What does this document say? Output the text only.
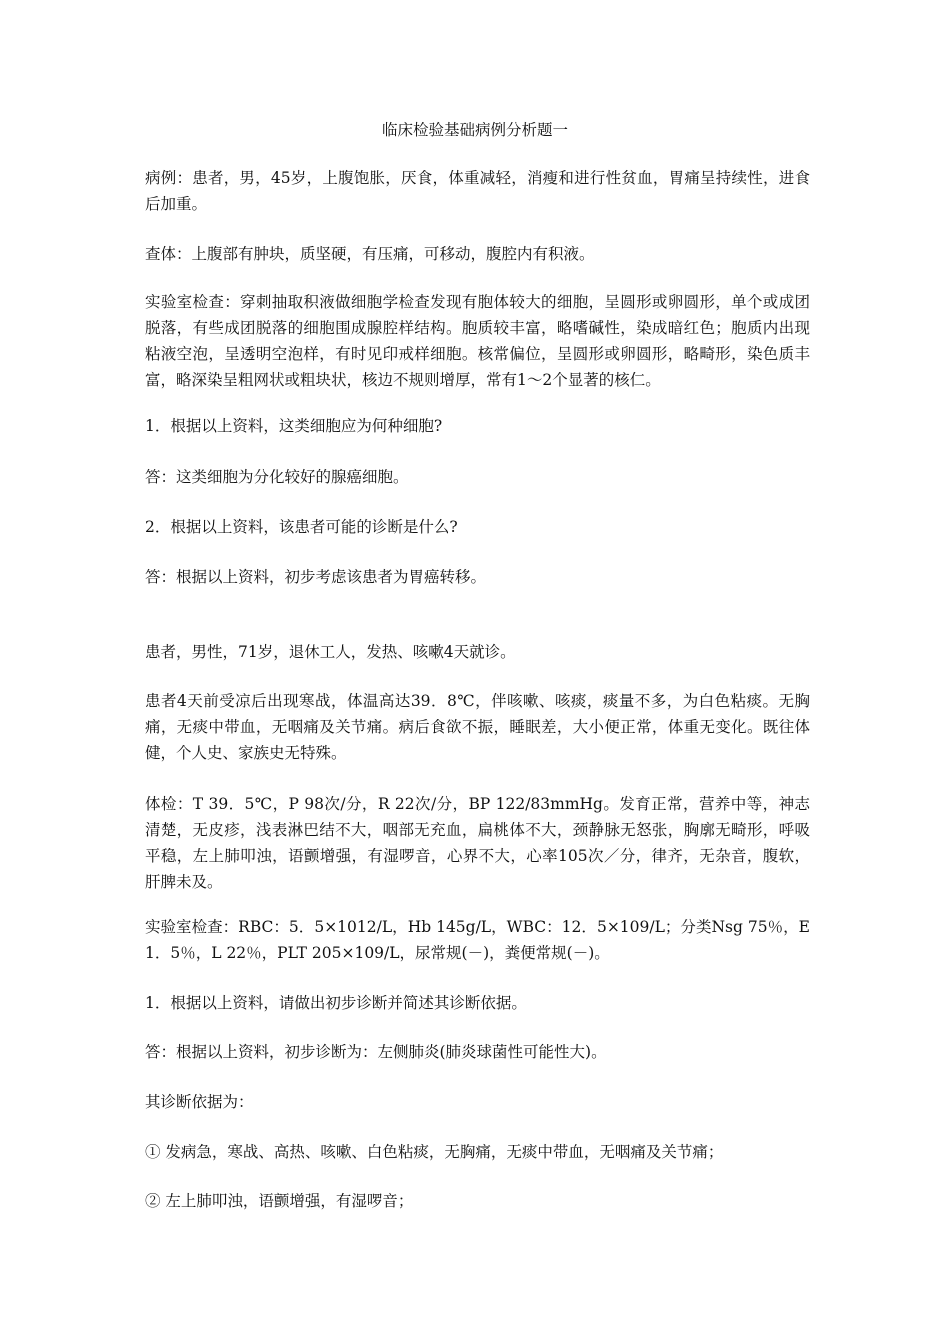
临床检验基础病例分析题一

病例：患者，男，45岁，上腹饱胀，厌食，体重减轻，消瘦和进行性贫血，胃痛呈持续性，进食后加重。

查体：上腹部有肿块，质坚硬，有压痛，可移动，腹腔内有积液。

实验室检查：穿刺抽取积液做细胞学检查发现有胞体较大的细胞，呈圆形或卵圆形，单个或成团脱落，有些成团脱落的细胞围成腺腔样结构。胞质较丰富，略嗜碱性，染成暗红色；胞质内出现粘液空泡，呈透明空泡样，有时见印戒样细胞。核常偏位，呈圆形或卵圆形，略畸形，染色质丰富，略深染呈粗网状或粗块状，核边不规则增厚，常有1～2个显著的核仁。

1．根据以上资料，这类细胞应为何种细胞?

答：这类细胞为分化较好的腺癌细胞。

2．根据以上资料，该患者可能的诊断是什么?

答：根据以上资料，初步考虑该患者为胃癌转移。

患者，男性，71岁，退休工人，发热、咳嗽4天就诊。

患者4天前受凉后出现寒战，体温高达39．8℃，伴咳嗽、咳痰，痰量不多，为白色粘痰。无胸痛，无痰中带血，无咽痛及关节痛。病后食欲不振，睡眠差，大小便正常，体重无变化。既往体健，个人史、家族史无特殊。

体检：T 39．5℃，P 98次/分，R 22次/分，BP 122/83mmHg。发育正常，营养中等，神志清楚，无皮疹，浅表淋巴结不大，咽部无充血，扁桃体不大，颈静脉无怒张，胸廓无畸形，呼吸平稳，左上肺叩浊，语颤增强，有湿啰音，心界不大，心率105次／分，律齐，无杂音，腹软，肝脾未及。

实验室检查：RBC：5．5×1012/L，Hb 145g/L，WBC：12．5×109/L；分类Nsg 75％，E 1．5％，L 22％，PLT 205×109/L，尿常规(－)，粪便常规(－)。

1．根据以上资料，请做出初步诊断并简述其诊断依据。

答：根据以上资料，初步诊断为：左侧肺炎(肺炎球菌性可能性大)。

其诊断依据为：

① 发病急，寒战、高热、咳嗽、白色粘痰，无胸痛，无痰中带血，无咽痛及关节痛；

② 左上肺叩浊，语颤增强，有湿啰音；
